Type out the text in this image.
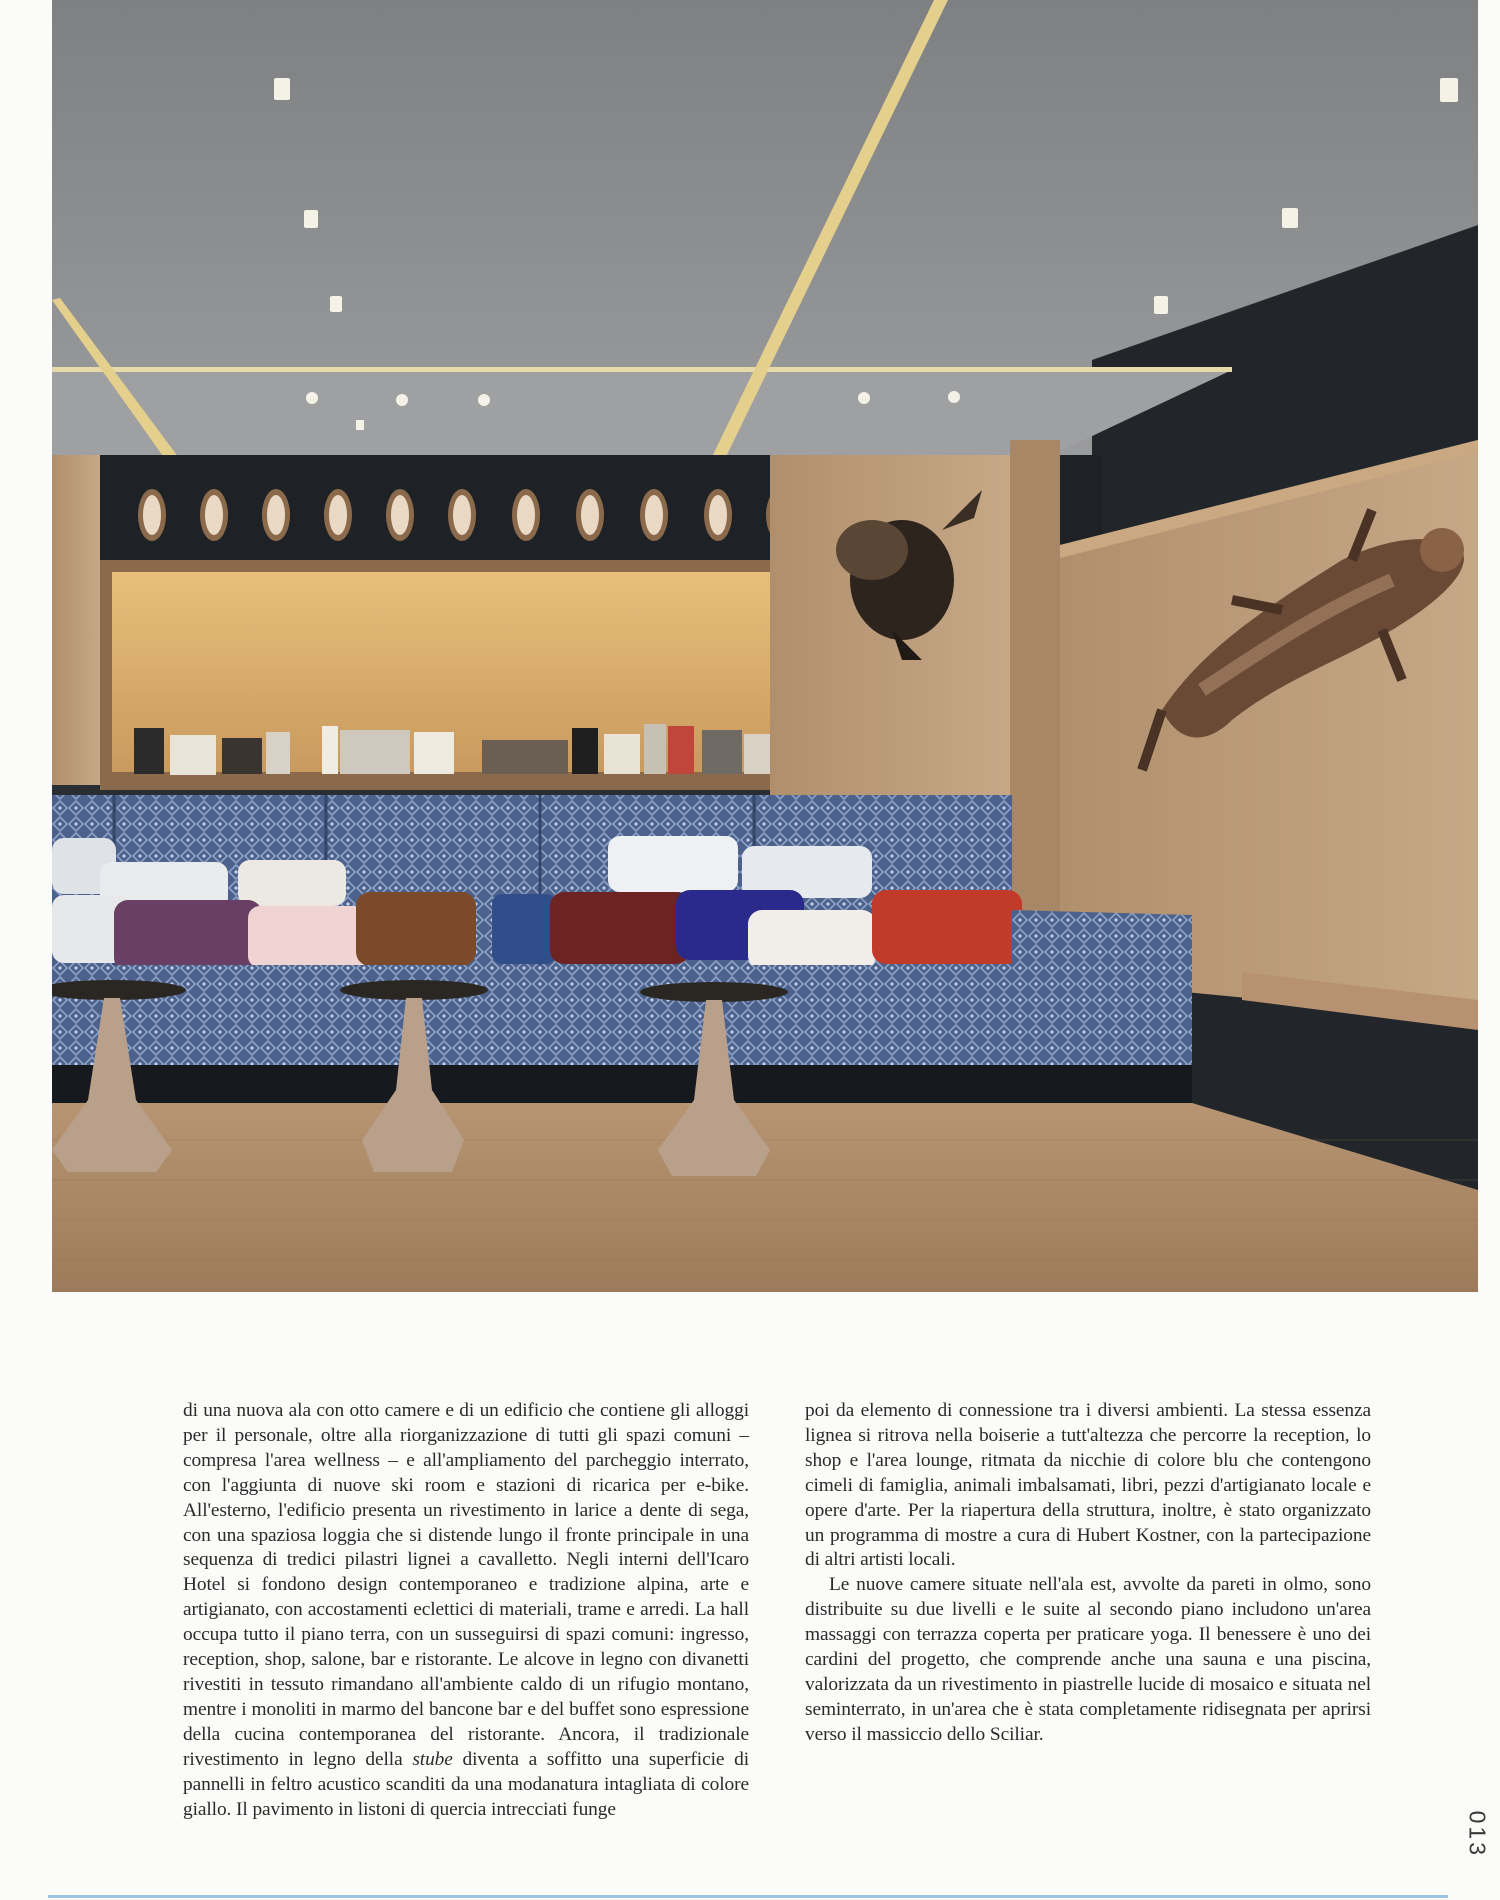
di una nuova ala con otto camere e di un edificio che contiene gli alloggi per il personale, oltre alla riorganizzazione di tutti gli spazi comuni – compresa l'area wellness – e all'ampliamento del parcheggio interrato, con l'aggiunta di nuove ski room e stazioni di ricarica per e-bike. All'esterno, l'edificio presenta un rivestimento in larice a dente di sega, con una spaziosa loggia che si distende lungo il fronte principale in una sequenza di tredici pilastri lignei a cavalletto. Negli interni dell'Icaro Hotel si fondono design contemporaneo e tradizione alpina, arte e artigianato, con accostamenti eclettici di materiali, trame e arredi. La hall occupa tutto il piano terra, con un susseguirsi di spazi comuni: ingresso, reception, shop, salone, bar e ristorante. Le alcove in legno con divanetti rivestiti in tessuto rimandano all'ambiente caldo di un rifugio montano, mentre i monoliti in marmo del bancone bar e del buffet sono espressione della cucina contemporanea del ristorante. Ancora, il tradizionale rivestimento in legno della stube diventa a soffitto una superficie di pannelli in feltro acustico scanditi da una modanatura intagliata di colore giallo. Il pavimento in listoni di quercia intrecciati funge

poi da elemento di connessione tra i diversi ambienti. La stessa essenza lignea si ritrova nella boiserie a tutt'altezza che percorre la reception, lo shop e l'area lounge, ritmata da nicchie di colore blu che contengono cimeli di famiglia, animali imbalsamati, libri, pezzi d'artigianato locale e opere d'arte. Per la riapertura della struttura, inoltre, è stato organizzato un programma di mostre a cura di Hubert Kostner, con la partecipazione di altri artisti locali.

Le nuove camere situate nell'ala est, avvolte da pareti in olmo, sono distribuite su due livelli e le suite al secondo piano includono un'area massaggi con terrazza coperta per praticare yoga. Il benessere è uno dei cardini del progetto, che comprende anche una sauna e una piscina, valorizzata da un rivestimento in piastrelle lucide di mosaico e situata nel seminterrato, in un'area che è stata completamente ridisegnata per aprirsi verso il massiccio dello Sciliar.

013
